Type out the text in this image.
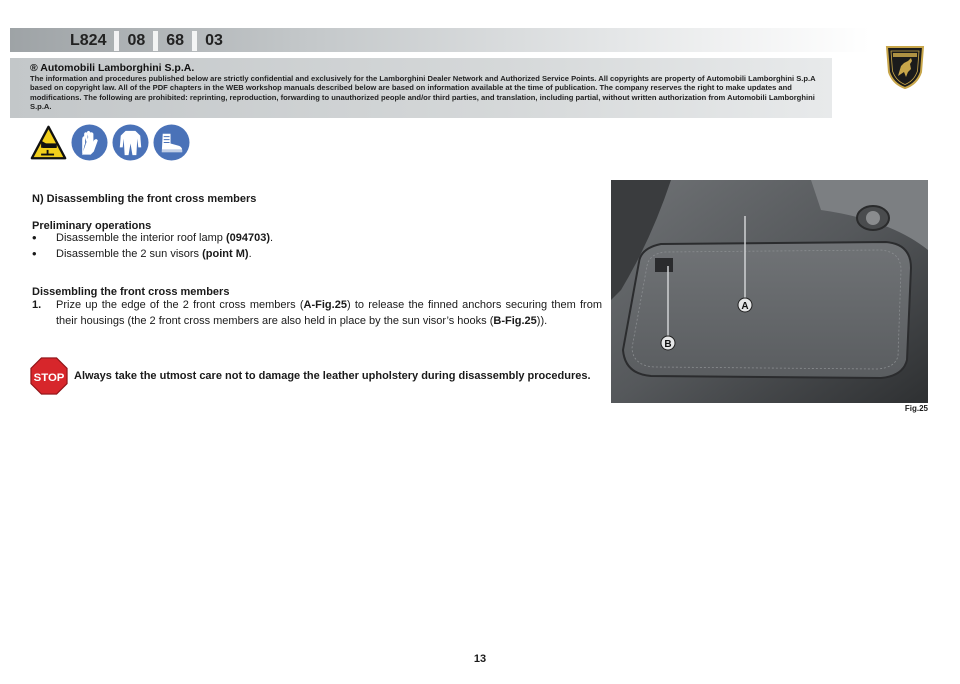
L824	08	68	03
® Automobili Lamborghini S.p.A.
The information and procedures published below are strictly confidential and exclusively for the Lamborghini Dealer Network and Authorized Service Points. All copyrights are property of Automobili Lamborghini S.p.A based on copyright law. All of the PDF chapters in the WEB workshop manuals described below are based on information available at the time of publication. The company reserves the right to make updates and modifications. The following are prohibited: reprinting, reproduction, forwarding to unauthorized people and/or third parties, and translation, including partial, without written authorization from Automobili Lamborghini S.p.A.
N) Disassembling the front cross members
Preliminary operations
•	Disassemble the interior roof lamp (094703).
•	Disassemble the 2 sun visors (point M).
Dissembling the front cross members
1.	Prize up the edge of the 2 front cross members (A-Fig.25) to release the finned anchors securing them from their housings (the 2 front cross members are also held in place by the sun visor’s hooks (B-Fig.25)).
STOP Always take the utmost care not to damage the leather upholstery during disassembly procedures.
A
B
Fig.25
13
